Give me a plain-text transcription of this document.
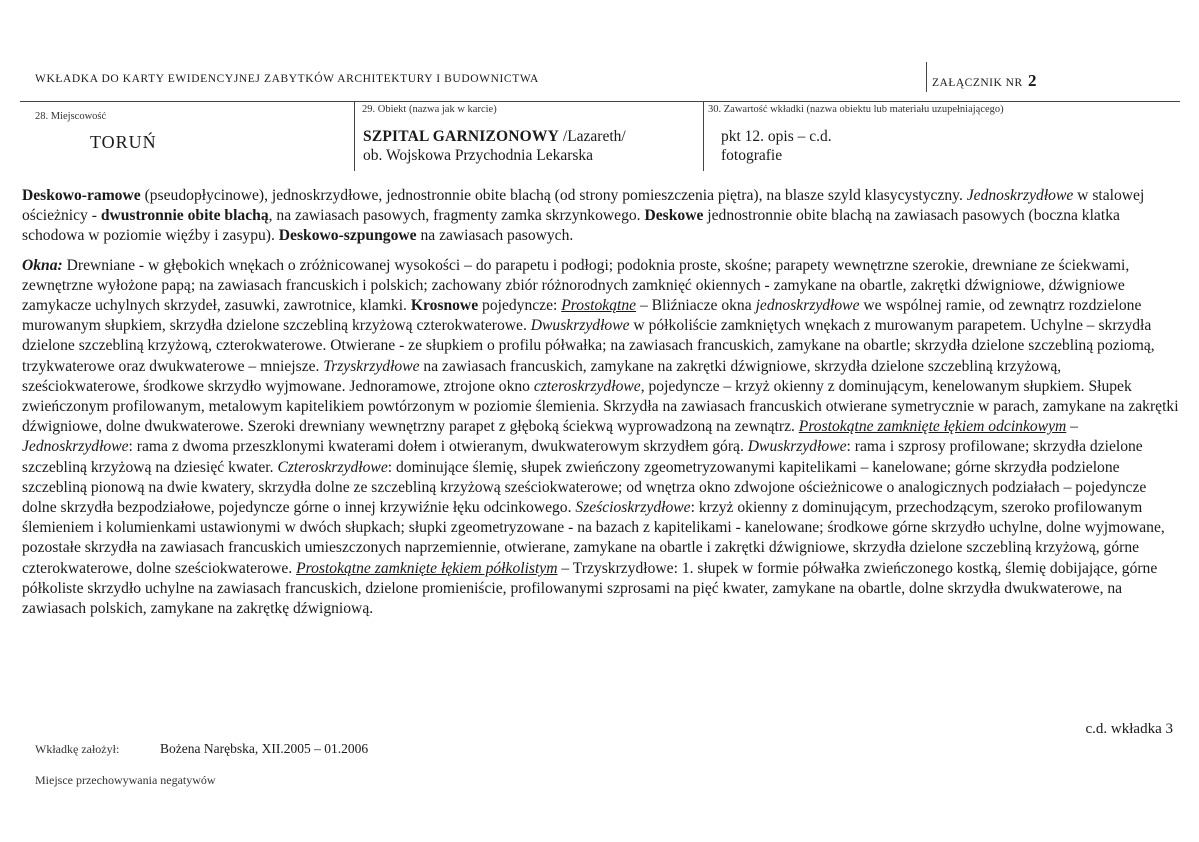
WKŁADKA DO KARTY EWIDENCYJNEJ ZABYTKÓW ARCHITEKTURY I BUDOWNICTWA	ZAŁĄCZNIK NR 2
28. Miejscowość
TORUŃ
29. Obiekt (nazwa jak w karcie)
SZPITAL GARNIZONOWY /Lazareth/
ob. Wojskowa Przychodnia Lekarska
30. Zawartość wkładki (nazwa obiektu lub materiału uzupełniającego)
pkt 12. opis – c.d.
fotografie

Deskowo-ramowe (pseudopłycinowe), jednoskrzydłowe, jednostronnie obite blachą (od strony pomieszczenia piętra), na blasze szyld klasycystyczny. Jednoskrzydłowe w stalowej ościeżnicy - dwustronnie obite blachą, na zawiasach pasowych, fragmenty zamka skrzynkowego. Deskowe jednostronnie obite blachą na zawiasach pasowych (boczna klatka schodowa w poziomie więźby i zasypu). Deskowo-szpungowe na zawiasach pasowych.

Okna: Drewniane - w głębokich wnękach o zróżnicowanej wysokości – do parapetu i podłogi; podoknia proste, skośne; parapety wewnętrzne szerokie, drewniane ze ściekwami, zewnętrzne wyłożone papą; na zawiasach francuskich i polskich; zachowany zbiór różnorodnych zamknięć okiennych - zamykane na obartle, zakrętki dźwigniowe, dźwigniowe zamykacze uchylnych skrzydeł, zasuwki, zawrotnice, klamki. Krosnowe pojedyncze: Prostokątne – Bliźniacze okna jednoskrzydłowe we wspólnej ramie, od zewnątrz rozdzielone murowanym słupkiem, skrzydła dzielone szczebliną krzyżową czterokwaterowe. Dwuskrzydłowe w półkoliście zamkniętych wnękach z murowanym parapetem. Uchylne – skrzydła dzielone szczebliną krzyżową, czterokwaterowe. Otwierane - ze słupkiem o profilu półwałka; na zawiasach francuskich, zamykane na obartle; skrzydła dzielone szczebliną poziomą, trzykwaterowe oraz dwukwaterowe – mniejsze. Trzyskrzydłowe na zawiasach francuskich, zamykane na zakrętki dźwigniowe, skrzydła dzielone szczebliną krzyżową, sześciokwaterowe, środkowe skrzydło wyjmowane. Jednoramowe, ztrojone okno czteroskrzydłowe, pojedyncze – krzyż okienny z dominującym, kenelowanym słupkiem. Słupek zwieńczonym profilowanym, metalowym kapitelikiem powtórzonym w poziomie ślemienia. Skrzydła na zawiasach francuskich otwierane symetrycznie w parach, zamykane na zakrętki dźwigniowe, dolne dwukwaterowe. Szeroki drewniany wewnętrzny parapet z głęboką ściekwą wyprowadzoną na zewnątrz. Prostokątne zamknięte łękiem odcinkowym – Jednoskrzydłowe: rama z dwoma przeszklonymi kwaterami dołem i otwieranym, dwukwaterowym skrzydłem górą. Dwuskrzydłowe: rama i szprosy profilowane; skrzydła dzielone szczebliną krzyżową na dziesięć kwater. Czteroskrzydłowe: dominujące ślemię, słupek zwieńczony zgeometryzowanymi kapitelikami – kanelowane; górne skrzydła podzielone szczebliną pionową na dwie kwatery, skrzydła dolne ze szczebliną krzyżową sześciokwaterowe; od wnętrza okno zdwojone ościeżnicowe o analogicznych podziałach – pojedyncze dolne skrzydła bezpodziałowe, pojedyncze górne o innej krzywiźnie łęku odcinkowego. Sześcioskrzydłowe: krzyż okienny z dominującym, przechodzącym, szeroko profilowanym ślemieniem i kolumienkami ustawionymi w dwóch słupkach; słupki zgeometryzowane - na bazach z kapitelikami - kanelowane; środkowe górne skrzydło uchylne, dolne wyjmowane, pozostałe skrzydła na zawiasach francuskich umieszczonych naprzemiennie, otwierane, zamykane na obartle i zakrętki dźwigniowe, skrzydła dzielone szczebliną krzyżową, górne czterokwaterowe, dolne sześciokwaterowe. Prostokątne zamknięte łękiem półkolistym – Trzyskrzydłowe: 1. słupek w formie półwałka zwieńczonego kostką, ślemię dobijające, górne półkoliste skrzydło uchylne na zawiasach francuskich, dzielone promieniście, profilowanymi szprosami na pięć kwater, zamykane na obartle, dolne skrzydła dwukwaterowe, na zawiasach polskich, zamykane na zakrętkę dźwigniową.

c.d. wkładka 3
Wkładkę założył:	Bożena Narębska, XII.2005 – 01.2006
Miejsce przechowywania negatywów
